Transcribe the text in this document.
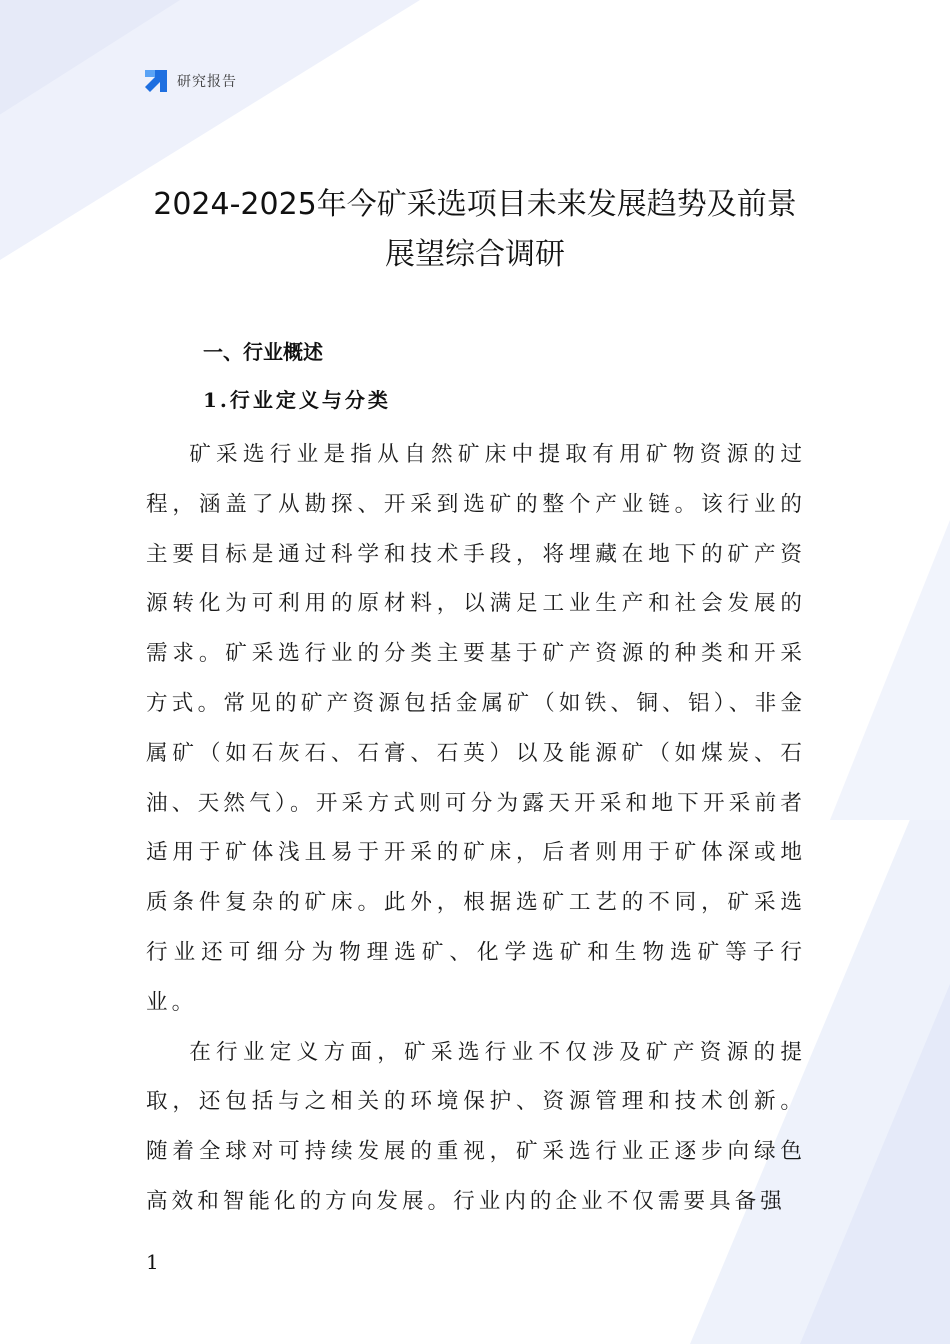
研究报告
2024-2025年今矿采选项目未来发展趋势及前景
展望综合调研
一、行业概述
1.行业定义与分类

矿采选行业是指从自然矿床中提取有用矿物资源的过程，涵盖了从勘探、开采到选矿的整个产业链。该行业的主要目标是通过科学和技术手段，将埋藏在地下的矿产资源转化为可利用的原材料，以满足工业生产和社会发展的需求。矿采选行业的分类主要基于矿产资源的种类和开采方式。常见的矿产资源包括金属矿（如铁、铜、铝）、非金属矿（如石灰石、石膏、石英）以及能源矿（如煤炭、石油、天然气）。开采方式则可分为露天开采和地下开采前者适用于矿体浅且易于开采的矿床，后者则用于矿体深或地质条件复杂的矿床。此外，根据选矿工艺的不同，矿采选行业还可细分为物理选矿、化学选矿和生物选矿等子行业。

在行业定义方面，矿采选行业不仅涉及矿产资源的提取，还包括与之相关的环境保护、资源管理和技术创新。随着全球对可持续发展的重视，矿采选行业正逐步向绿色高效和智能化的方向发展。行业内的企业不仅需要具备强

1
